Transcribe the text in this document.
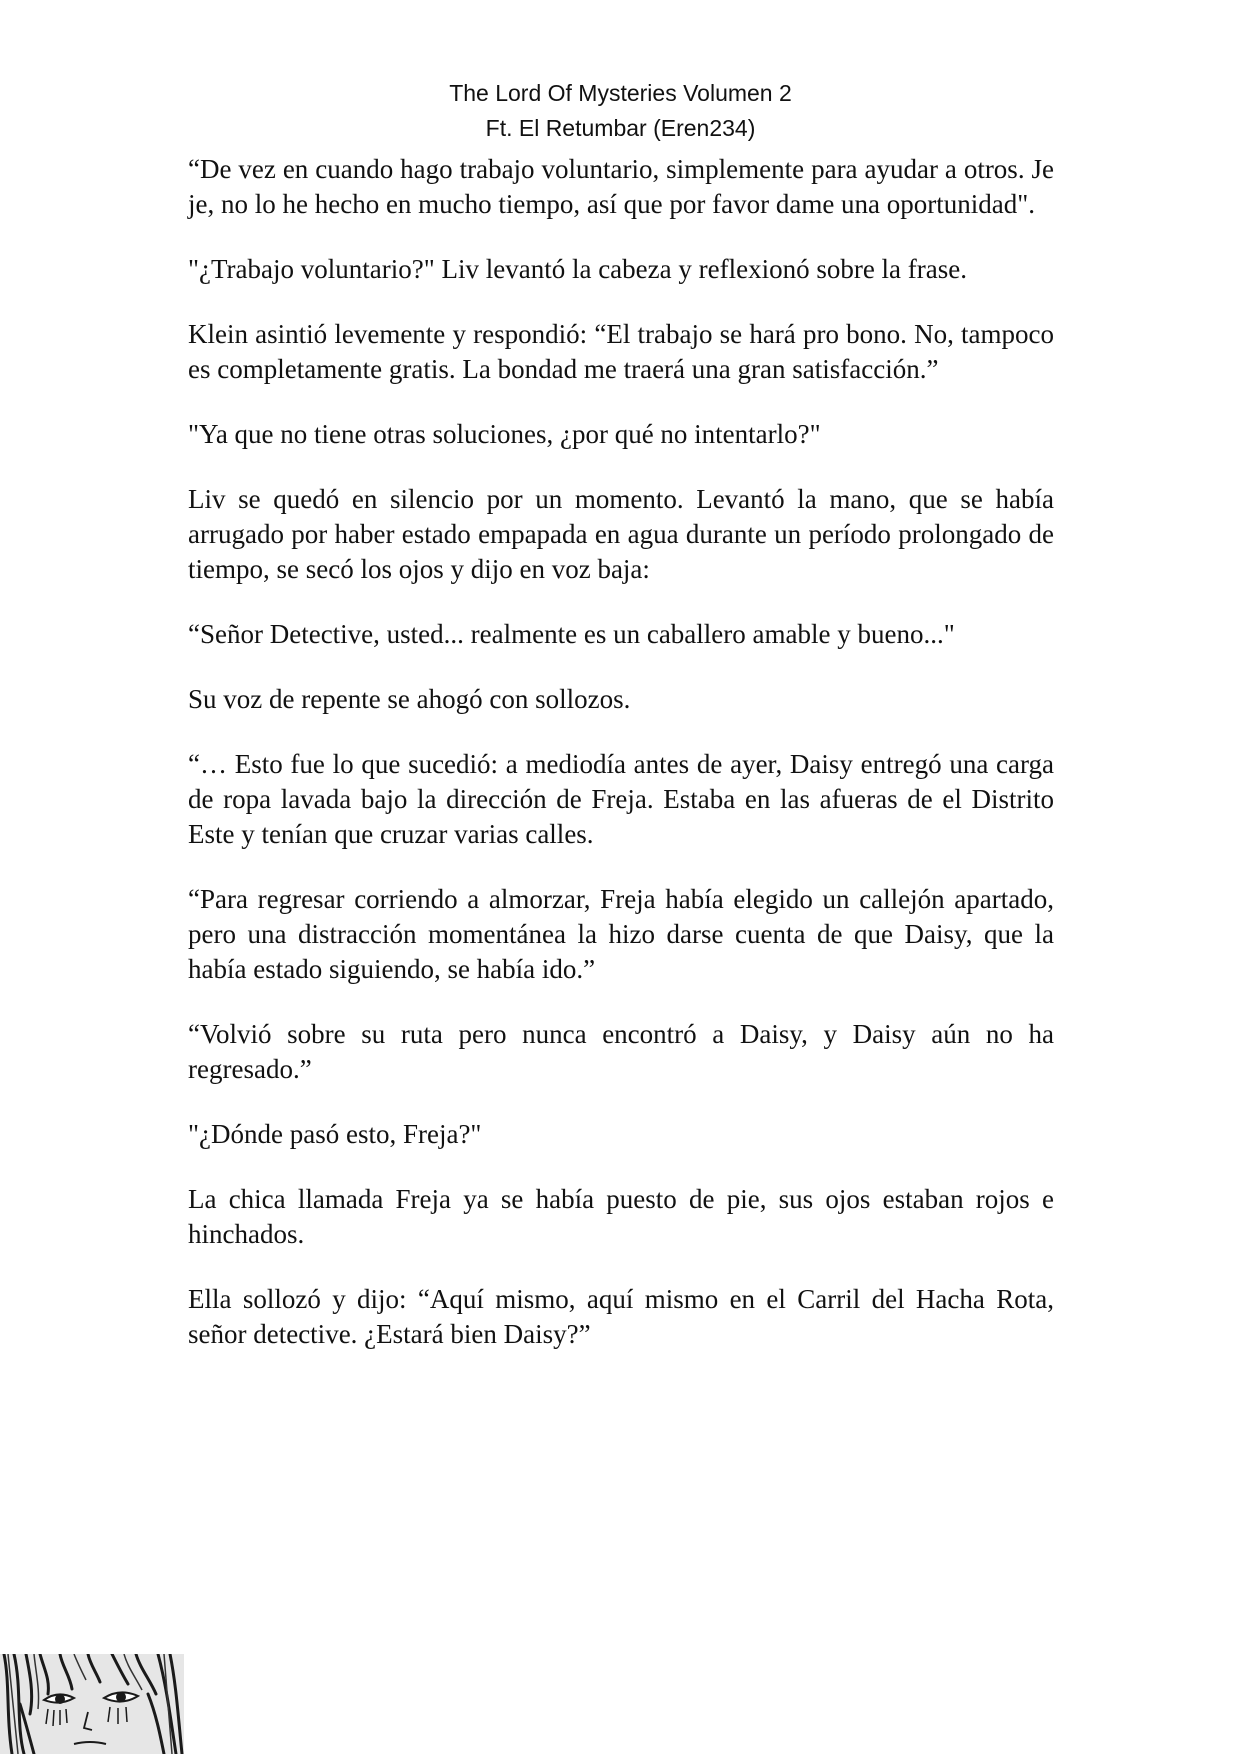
The Lord Of Mysteries Volumen 2
Ft. El Retumbar (Eren234)

“De vez en cuando hago trabajo voluntario, simplemente para ayudar a otros. Je je, no lo he hecho en mucho tiempo, así que por favor dame una oportunidad".

"¿Trabajo voluntario?" Liv levantó la cabeza y reflexionó sobre la frase.

Klein asintió levemente y respondió: “El trabajo se hará pro bono. No, tampoco es completamente gratis. La bondad me traerá una gran satisfacción.”

"Ya que no tiene otras soluciones, ¿por qué no intentarlo?"

Liv se quedó en silencio por un momento. Levantó la mano, que se había arrugado por haber estado empapada en agua durante un período prolongado de tiempo, se secó los ojos y dijo en voz baja:

“Señor Detective, usted... realmente es un caballero amable y bueno..."

Su voz de repente se ahogó con sollozos.

“… Esto fue lo que sucedió: a mediodía antes de ayer, Daisy entregó una carga de ropa lavada bajo la dirección de Freja. Estaba en las afueras de el Distrito Este y tenían que cruzar varias calles.

“Para regresar corriendo a almorzar, Freja había elegido un callejón apartado, pero una distracción momentánea la hizo darse cuenta de que Daisy, que la había estado siguiendo, se había ido.”

“Volvió sobre su ruta pero nunca encontró a Daisy, y Daisy aún no ha regresado.”

"¿Dónde pasó esto, Freja?"

La chica llamada Freja ya se había puesto de pie, sus ojos estaban rojos e hinchados.

Ella sollozó y dijo: “Aquí mismo, aquí mismo en el Carril del Hacha Rota, señor detective. ¿Estará bien Daisy?”
